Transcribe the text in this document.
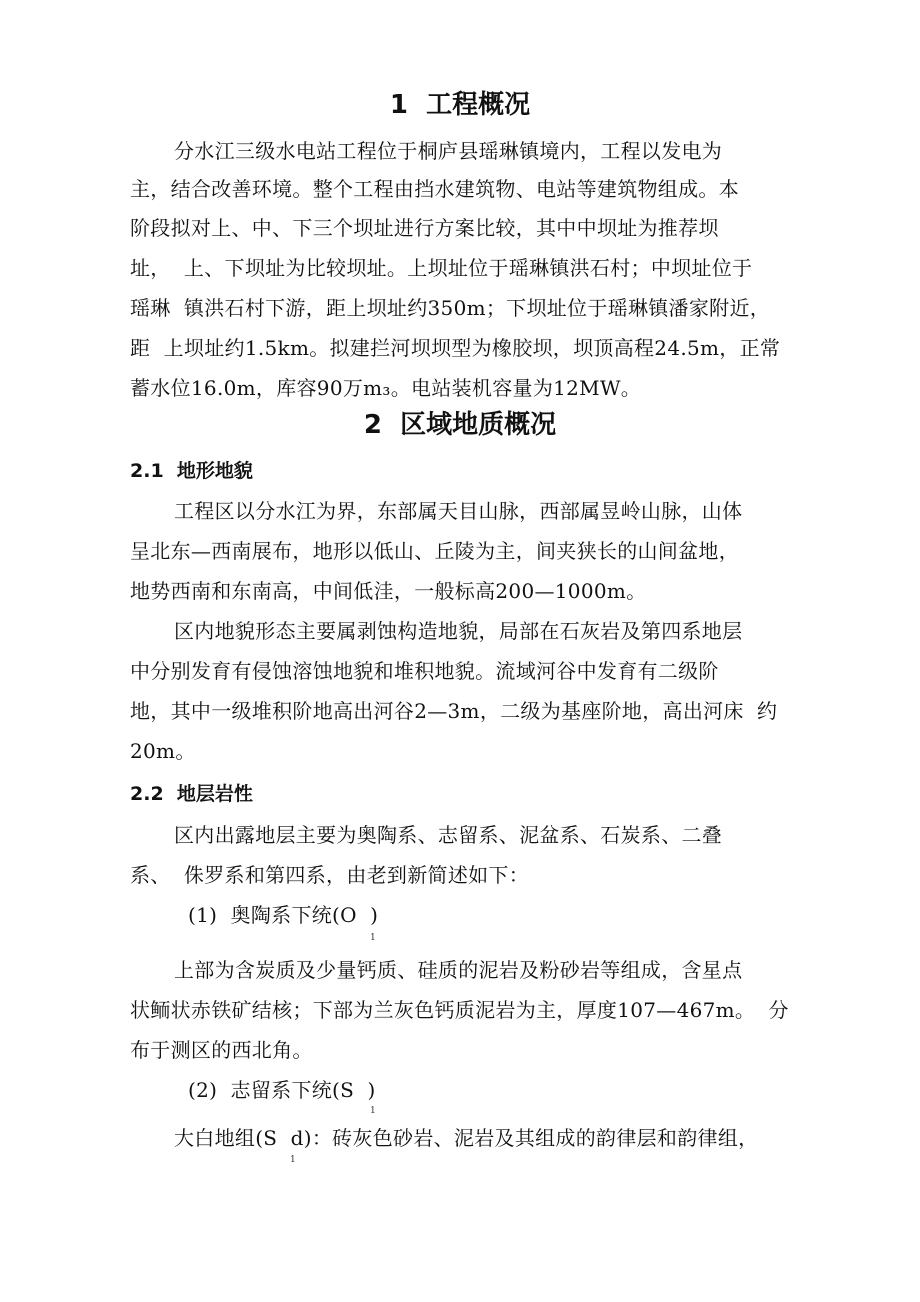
1  工程概况
分水江三级水电站工程位于桐庐县瑶琳镇境内，工程以发电为
主，结合改善环境。整个工程由挡水建筑物、电站等建筑物组成。本
阶段拟对上、中、下三个坝址进行方案比较，其中中坝址为推荐坝
址，  上、下坝址为比较坝址。上坝址位于瑶琳镇洪石村；中坝址位于
瑶琳  镇洪石村下游，距上坝址约350m；下坝址位于瑶琳镇潘家附近，
距  上坝址约1.5km。拟建拦河坝坝型为橡胶坝，坝顶高程24.5m，正常
蓄水位16.0m，库容90万m₃。电站装机容量为12MW。
2  区域地质概况
2.1  地形地貌
工程区以分水江为界，东部属天目山脉，西部属昱岭山脉，山体
呈北东—西南展布，地形以低山、丘陵为主，间夹狭长的山间盆地，
地势西南和东南高，中间低洼，一般标高200—1000m。
区内地貌形态主要属剥蚀构造地貌，局部在石灰岩及第四系地层
中分别发育有侵蚀溶蚀地貌和堆积地貌。流域河谷中发育有二级阶
地，其中一级堆积阶地高出河谷2—3m，二级为基座阶地，高出河床  约
20m。
2.2  地层岩性
区内出露地层主要为奥陶系、志留系、泥盆系、石炭系、二叠
系、  侏罗系和第四系，由老到新简述如下：
(1)  奥陶系下统(O  )
1
上部为含炭质及少量钙质、硅质的泥岩及粉砂岩等组成，含星点
状鲕状赤铁矿结核；下部为兰灰色钙质泥岩为主，厚度107—467m。  分
布于测区的西北角。
(2)  志留系下统(S  )
1
大白地组(S  d)：砖灰色砂岩、泥岩及其组成的韵律层和韵律组，
1
